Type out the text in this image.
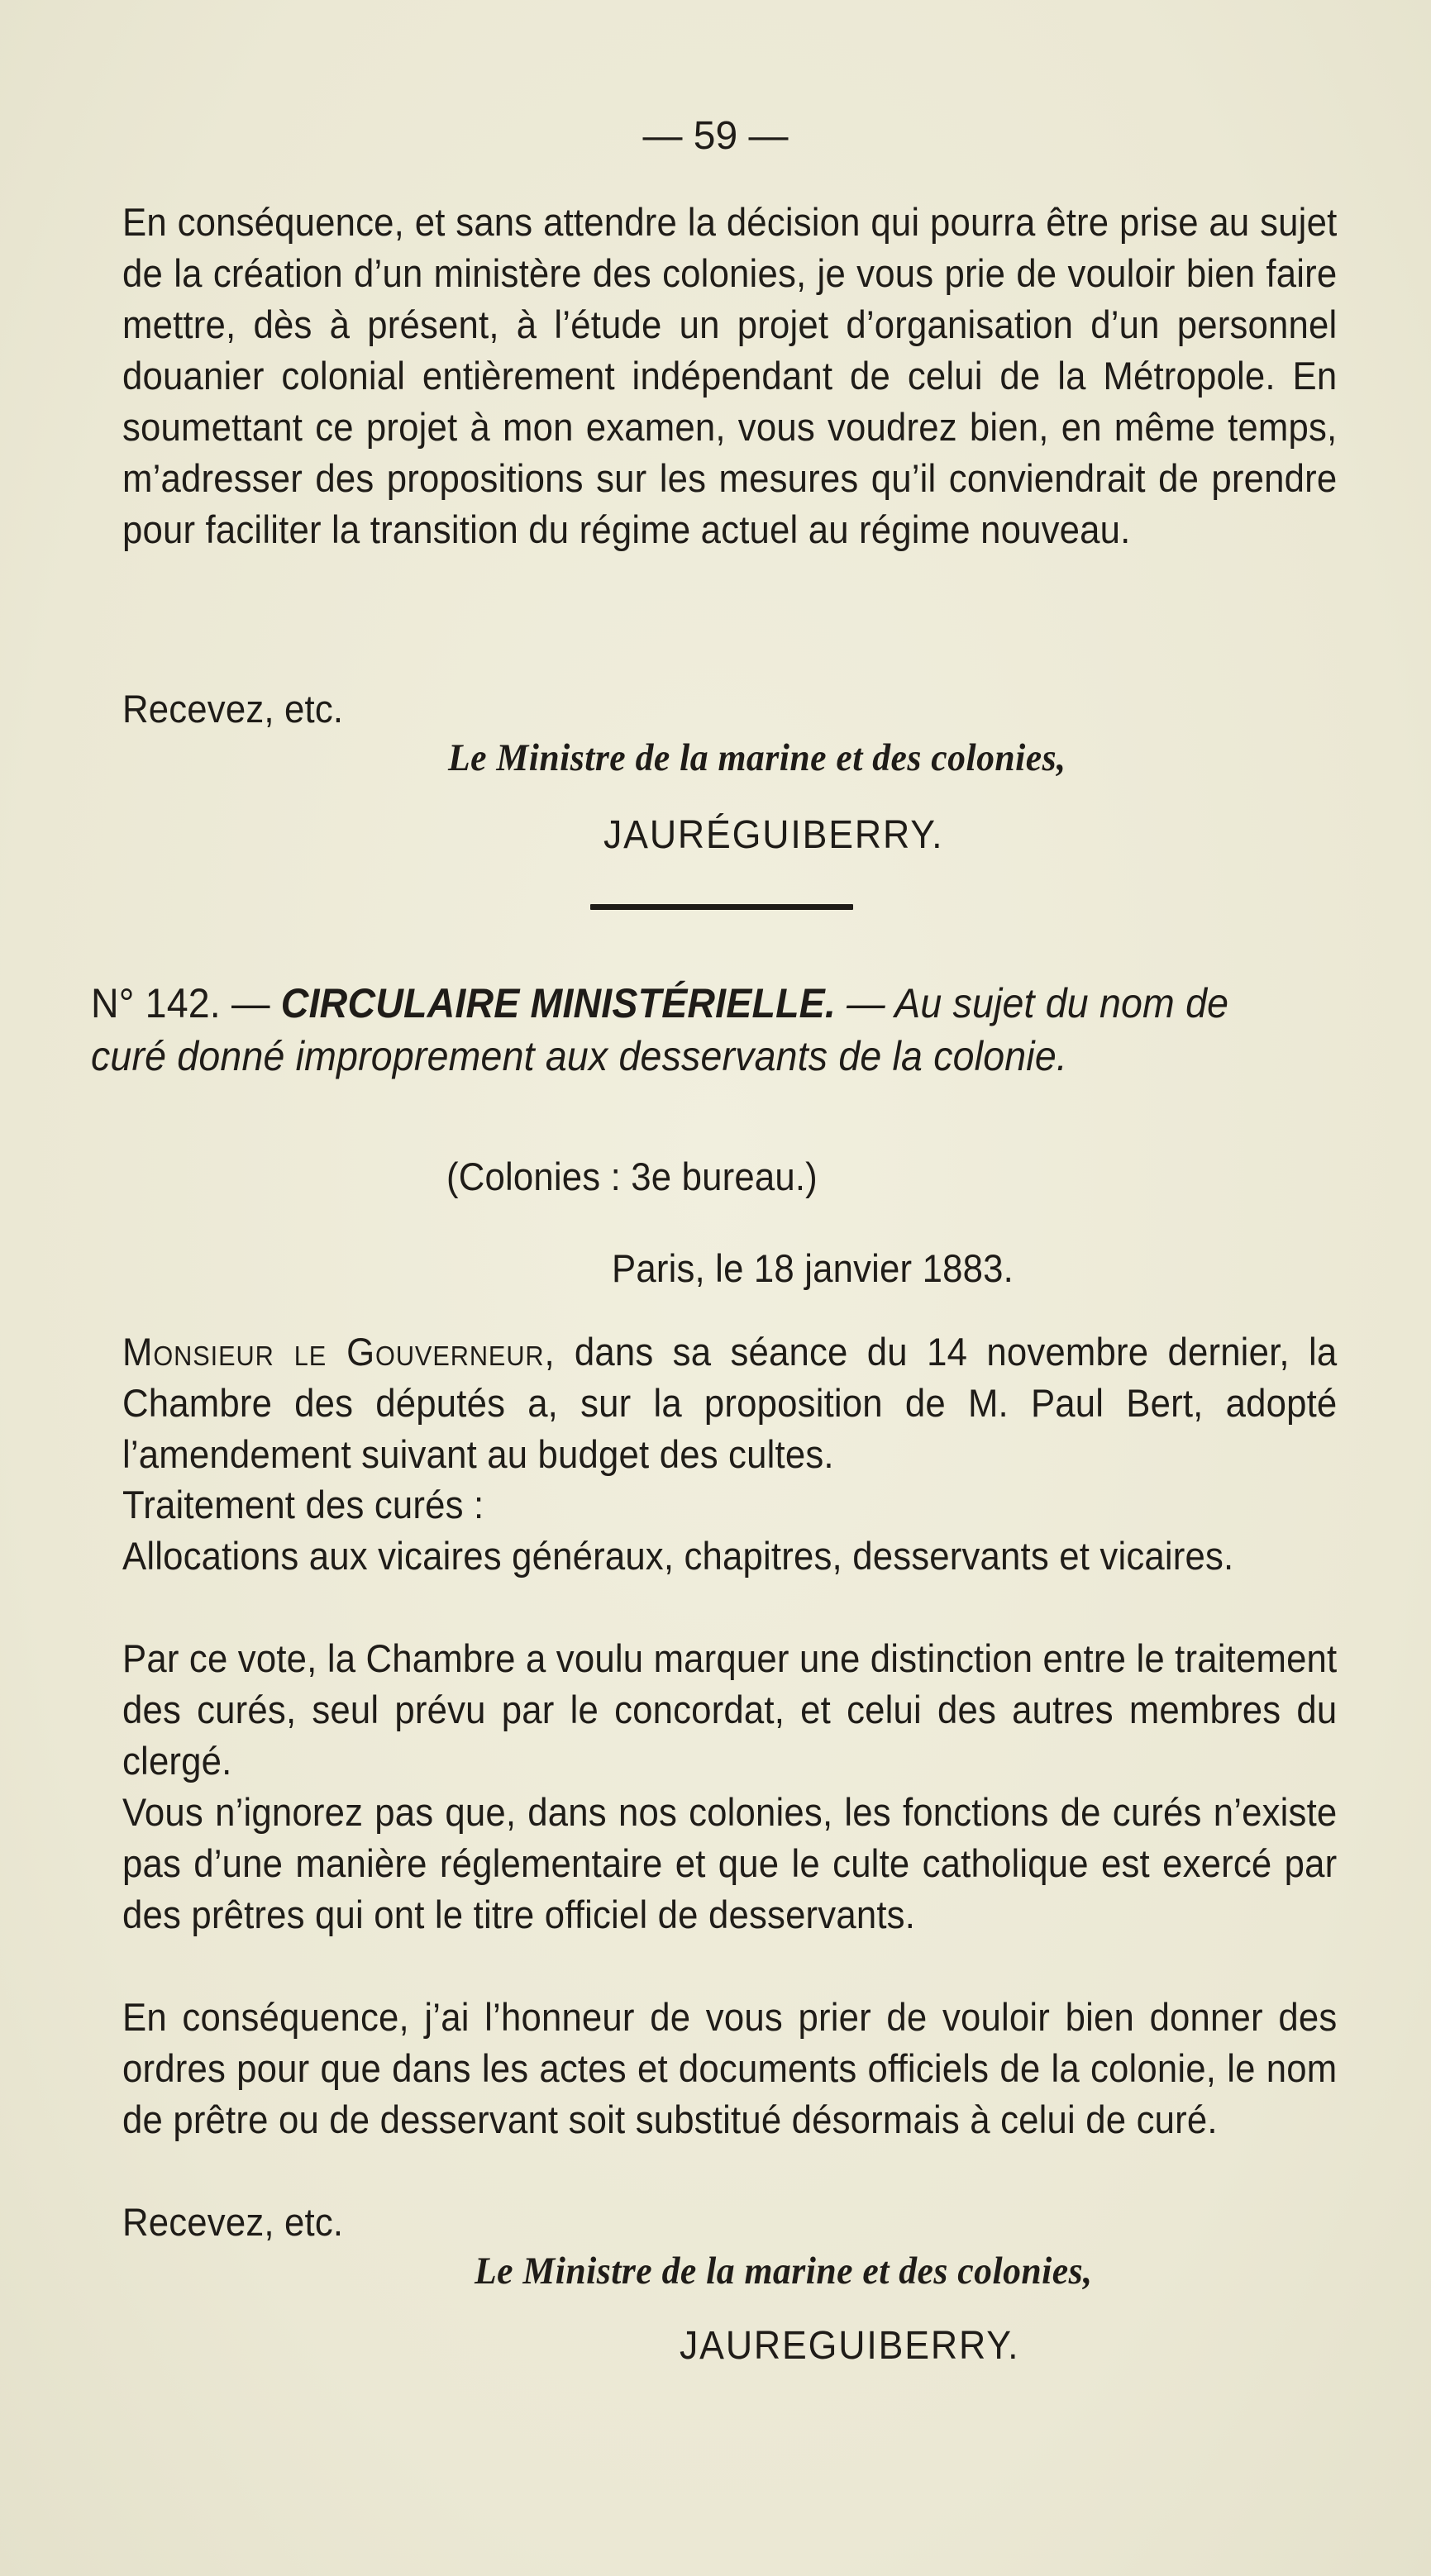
— 59 —
En conséquence, et sans attendre la décision qui pourra être prise au sujet de la création d’un ministère des colonies, je vous prie de vouloir bien faire mettre, dès à présent, à l’étude un projet d’organisation d’un personnel douanier colonial entièrement indépendant de celui de la Métropole. En soumettant ce projet à mon examen, vous voudrez bien, en même temps, m’adresser des propositions sur les mesures qu’il conviendrait de prendre pour faciliter la transition du régime actuel au régime nouveau.
Recevez, etc.
Le Ministre de la marine et des colonies,
JAURÉGUIBERRY.
N° 142. — CIRCULAIRE MINISTÉRIELLE. — Au sujet du nom de curé donné improprement aux desservants de la colonie.
(Colonies : 3e bureau.)
Paris, le 18 janvier 1883.
Monsieur le Gouverneur, dans sa séance du 14 novembre dernier, la Chambre des députés a, sur la proposition de M. Paul Bert, adopté l’amendement suivant au budget des cultes.
Traitement des curés :
Allocations aux vicaires généraux, chapitres, desservants et vicaires.
Par ce vote, la Chambre a voulu marquer une distinction entre le traitement des curés, seul prévu par le concordat, et celui des autres membres du clergé.
Vous n’ignorez pas que, dans nos colonies, les fonctions de curés n’existe pas d’une manière réglementaire et que le culte catholique est exercé par des prêtres qui ont le titre officiel de desservants.
En conséquence, j’ai l’honneur de vous prier de vouloir bien donner des ordres pour que dans les actes et documents officiels de la colonie, le nom de prêtre ou de desservant soit substitué désormais à celui de curé.
Recevez, etc.
Le Ministre de la marine et des colonies,
JAUREGUIBERRY.
